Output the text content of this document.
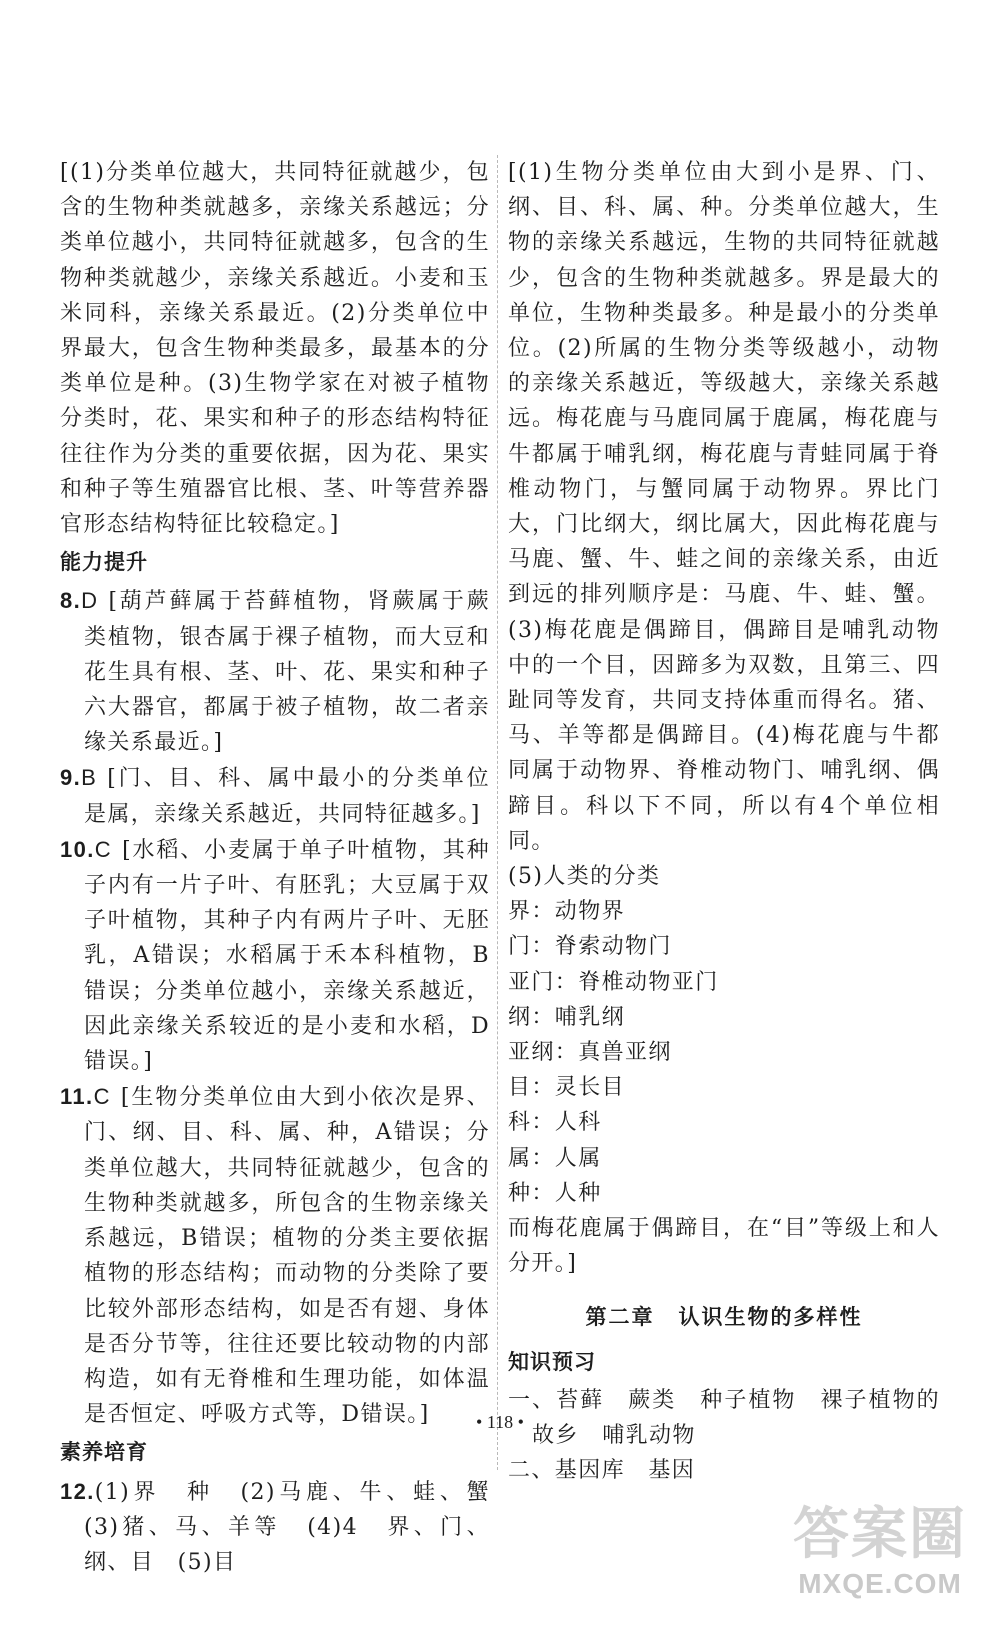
[(1)分类单位越大，共同特征就越少，包含的生物种类就越多，亲缘关系越远；分类单位越小，共同特征就越多，包含的生物种类就越少，亲缘关系越近。小麦和玉米同科，亲缘关系最近。(2)分类单位中界最大，包含生物种类最多，最基本的分类单位是种。(3)生物学家在对被子植物分类时，花、果实和种子的形态结构特征往往作为分类的重要依据，因为花、果实和种子等生殖器官比根、茎、叶等营养器官形态结构特征比较稳定。]

能力提升

8.D [葫芦藓属于苔藓植物，肾蕨属于蕨类植物，银杏属于裸子植物，而大豆和花生具有根、茎、叶、花、果实和种子六大器官，都属于被子植物，故二者亲缘关系最近。]

9.B [门、目、科、属中最小的分类单位是属，亲缘关系越近，共同特征越多。]

10.C [水稻、小麦属于单子叶植物，其种子内有一片子叶、有胚乳；大豆属于双子叶植物，其种子内有两片子叶、无胚乳，A错误；水稻属于禾本科植物，B错误；分类单位越小，亲缘关系越近，因此亲缘关系较近的是小麦和水稻，D错误。]

11.C [生物分类单位由大到小依次是界、门、纲、目、科、属、种，A错误；分类单位越大，共同特征就越少，包含的生物种类就越多，所包含的生物亲缘关系越远，B错误；植物的分类主要依据植物的形态结构；而动物的分类除了要比较外部形态结构，如是否有翅、身体是否分节等，往往还要比较动物的内部构造，如有无脊椎和生理功能，如体温是否恒定、呼吸方式等，D错误。]

素养培育

12.(1)界　种　(2)马鹿、牛、蛙、蟹　(3)猪、马、羊等　(4)4　界、门、纲、目　(5)目

[(1)生物分类单位由大到小是界、门、纲、目、科、属、种。分类单位越大，生物的亲缘关系越远，生物的共同特征就越少，包含的生物种类就越多。界是最大的单位，生物种类最多。种是最小的分类单位。(2)所属的生物分类等级越小，动物的亲缘关系越近，等级越大，亲缘关系越远。梅花鹿与马鹿同属于鹿属，梅花鹿与牛都属于哺乳纲，梅花鹿与青蛙同属于脊椎动物门，与蟹同属于动物界。界比门大，门比纲大，纲比属大，因此梅花鹿与马鹿、蟹、牛、蛙之间的亲缘关系，由近到远的排列顺序是：马鹿、牛、蛙、蟹。(3)梅花鹿是偶蹄目，偶蹄目是哺乳动物中的一个目，因蹄多为双数，且第三、四趾同等发育，共同支持体重而得名。猪、马、羊等都是偶蹄目。(4)梅花鹿与牛都同属于动物界、脊椎动物门、哺乳纲、偶蹄目。科以下不同，所以有4个单位相同。

(5)人类的分类
界：动物界
门：脊索动物门
亚门：脊椎动物亚门
纲：哺乳纲
亚纲：真兽亚纲
目：灵长目
科：人科
属：人属
种：人种

而梅花鹿属于偶蹄目，在“目”等级上和人分开。]

第二章 认识生物的多样性
知识预习

一、苔藓　蕨类　种子植物　裸子植物的故乡　哺乳动物

二、基因库　基因

• 118 •
答案圈
MXQE.COM
